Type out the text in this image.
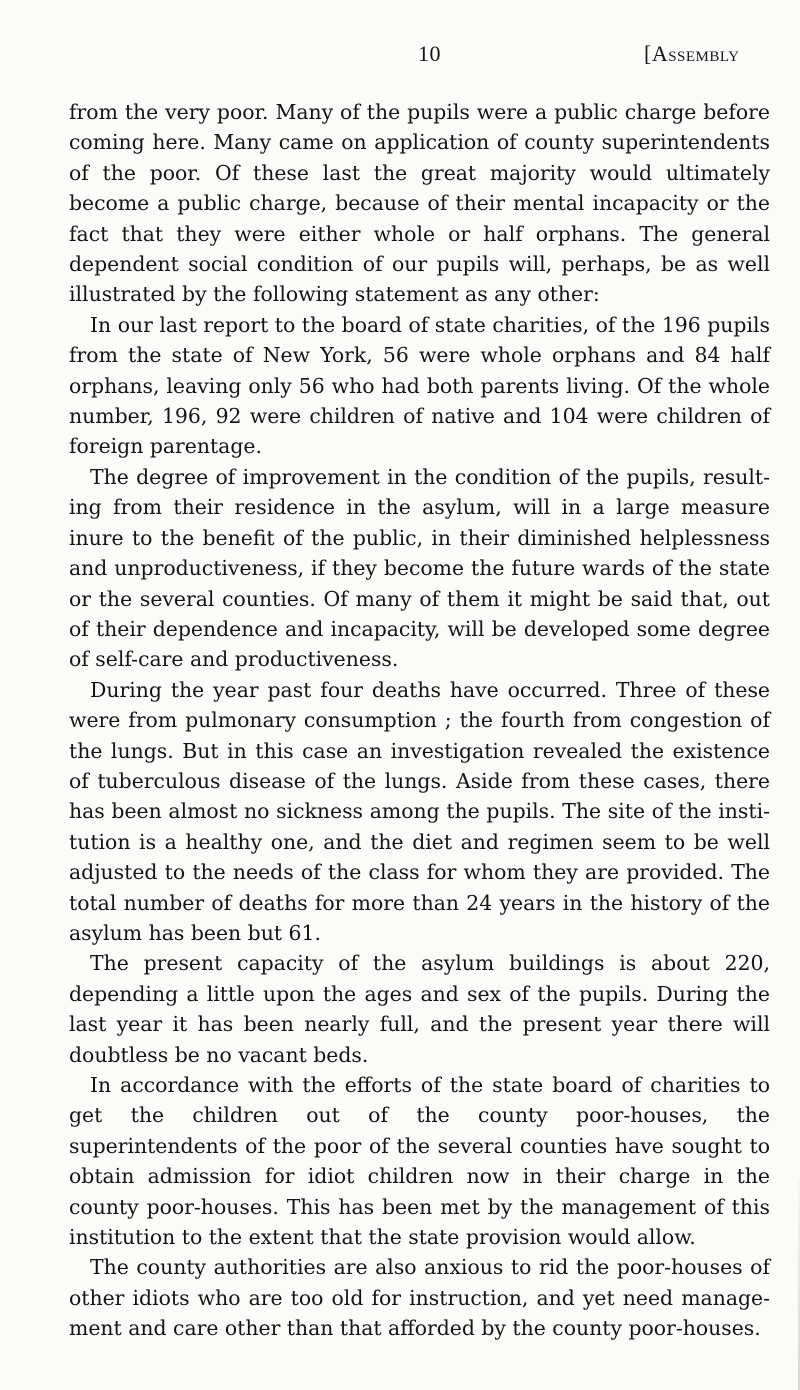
10	[Assembly

from the very poor. Many of the pupils were a public charge before coming here. Many came on application of county superintendents of the poor. Of these last the great majority would ultimately become a public charge, because of their mental incapacity or the fact that they were either whole or half orphans. The general dependent social condition of our pupils will, perhaps, be as well illustrated by the following statement as any other:

In our last report to the board of state charities, of the 196 pupils from the state of New York, 56 were whole orphans and 84 half orphans, leaving only 56 who had both parents living. Of the whole number, 196, 92 were children of native and 104 were children of foreign parentage.

The degree of improvement in the condition of the pupils, resulting from their residence in the asylum, will in a large measure inure to the benefit of the public, in their diminished helplessness and unproductiveness, if they become the future wards of the state or the several counties. Of many of them it might be said that, out of their dependence and incapacity, will be developed some degree of self-care and productiveness.

During the year past four deaths have occurred. Three of these were from pulmonary consumption ; the fourth from congestion of the lungs. But in this case an investigation revealed the existence of tuberculous disease of the lungs. Aside from these cases, there has been almost no sickness among the pupils. The site of the institution is a healthy one, and the diet and regimen seem to be well adjusted to the needs of the class for whom they are provided. The total number of deaths for more than 24 years in the history of the asylum has been but 61.

The present capacity of the asylum buildings is about 220, depending a little upon the ages and sex of the pupils. During the last year it has been nearly full, and the present year there will doubtless be no vacant beds.

In accordance with the efforts of the state board of charities to get the children out of the county poor-houses, the superintendents of the poor of the several counties have sought to obtain admission for idiot children now in their charge in the county poor-houses. This has been met by the management of this institution to the extent that the state provision would allow.

The county authorities are also anxious to rid the poor-houses of other idiots who are too old for instruction, and yet need management and care other than that afforded by the county poor-houses.
